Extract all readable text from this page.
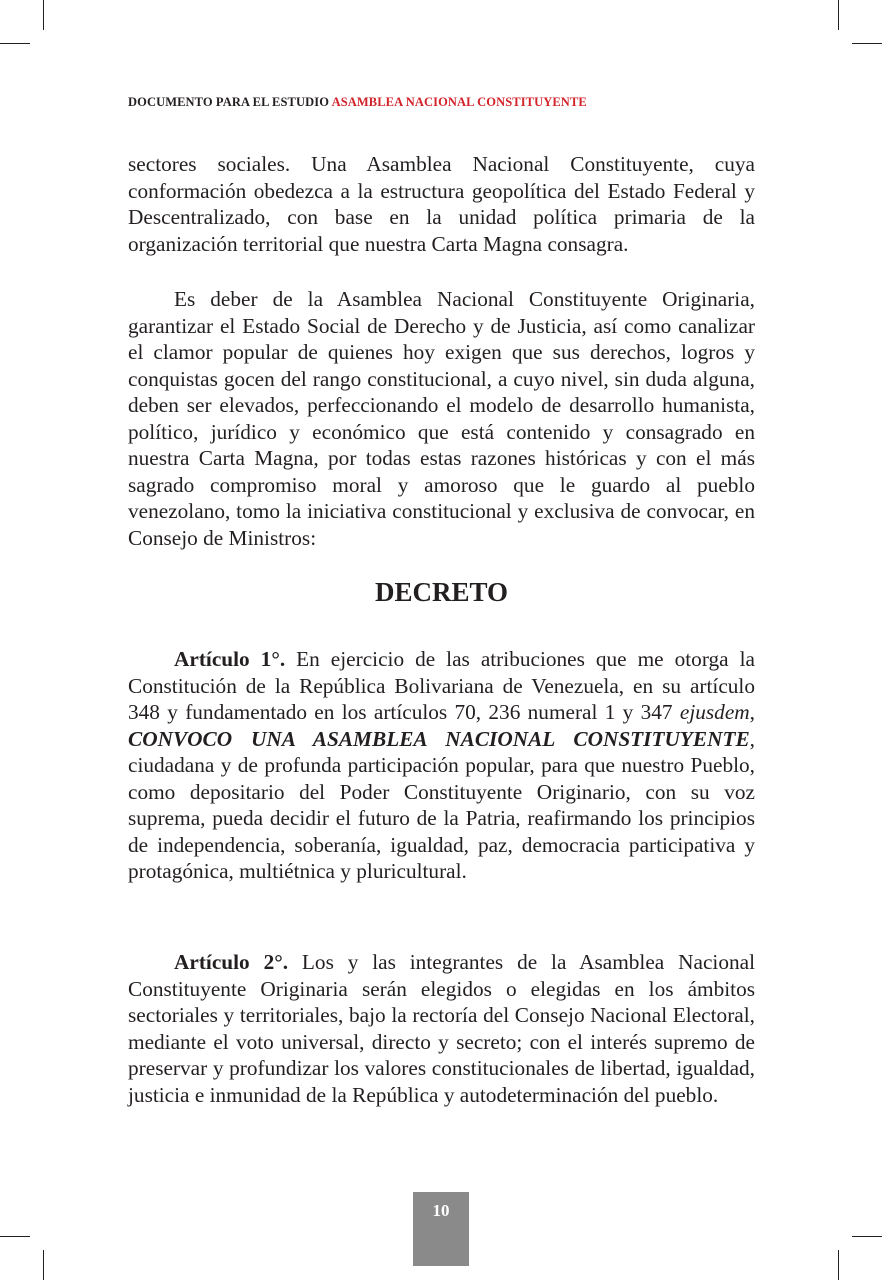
DOCUMENTO PARA EL ESTUDIO ASAMBLEA NACIONAL CONSTITUYENTE
sectores sociales. Una Asamblea Nacional Constituyente, cuya conformación obedezca a la estructura geopolítica del Estado Federal y Descentralizado, con base en la unidad política primaria de la organización territorial que nuestra Carta Magna consagra.
Es deber de la Asamblea Nacional Constituyente Originaria, garantizar el Estado Social de Derecho y de Justicia, así como canalizar el clamor popular de quienes hoy exigen que sus derechos, logros y conquistas gocen del rango constitucional, a cuyo nivel, sin duda alguna, deben ser elevados, perfeccionando el modelo de desarrollo humanista, político, jurídico y económico que está contenido y consagrado en nuestra Carta Magna, por todas estas razones históricas y con el más sagrado compromiso moral y amoroso que le guardo al pueblo venezolano, tomo la iniciativa constitucional y exclusiva de convocar, en Consejo de Ministros:
DECRETO
Artículo 1°. En ejercicio de las atribuciones que me otorga la Constitución de la República Bolivariana de Venezuela, en su artículo 348 y fundamentado en los artículos 70, 236 numeral 1 y 347 ejusdem, CONVOCO UNA ASAMBLEA NACIONAL CONSTITUYENTE, ciudadana y de profunda participación popular, para que nuestro Pueblo, como depositario del Poder Constituyente Originario, con su voz suprema, pueda decidir el futuro de la Patria, reafirmando los principios de independencia, soberanía, igualdad, paz, democracia participativa y protagónica, multiétnica y pluricultural.
Artículo 2°. Los y las integrantes de la Asamblea Nacional Constituyente Originaria serán elegidos o elegidas en los ámbitos sectoriales y territoriales, bajo la rectoría del Consejo Nacional Electoral, mediante el voto universal, directo y secreto; con el interés supremo de preservar y profundizar los valores constitucionales de libertad, igualdad, justicia e inmunidad de la República y autodeterminación del pueblo.
10
